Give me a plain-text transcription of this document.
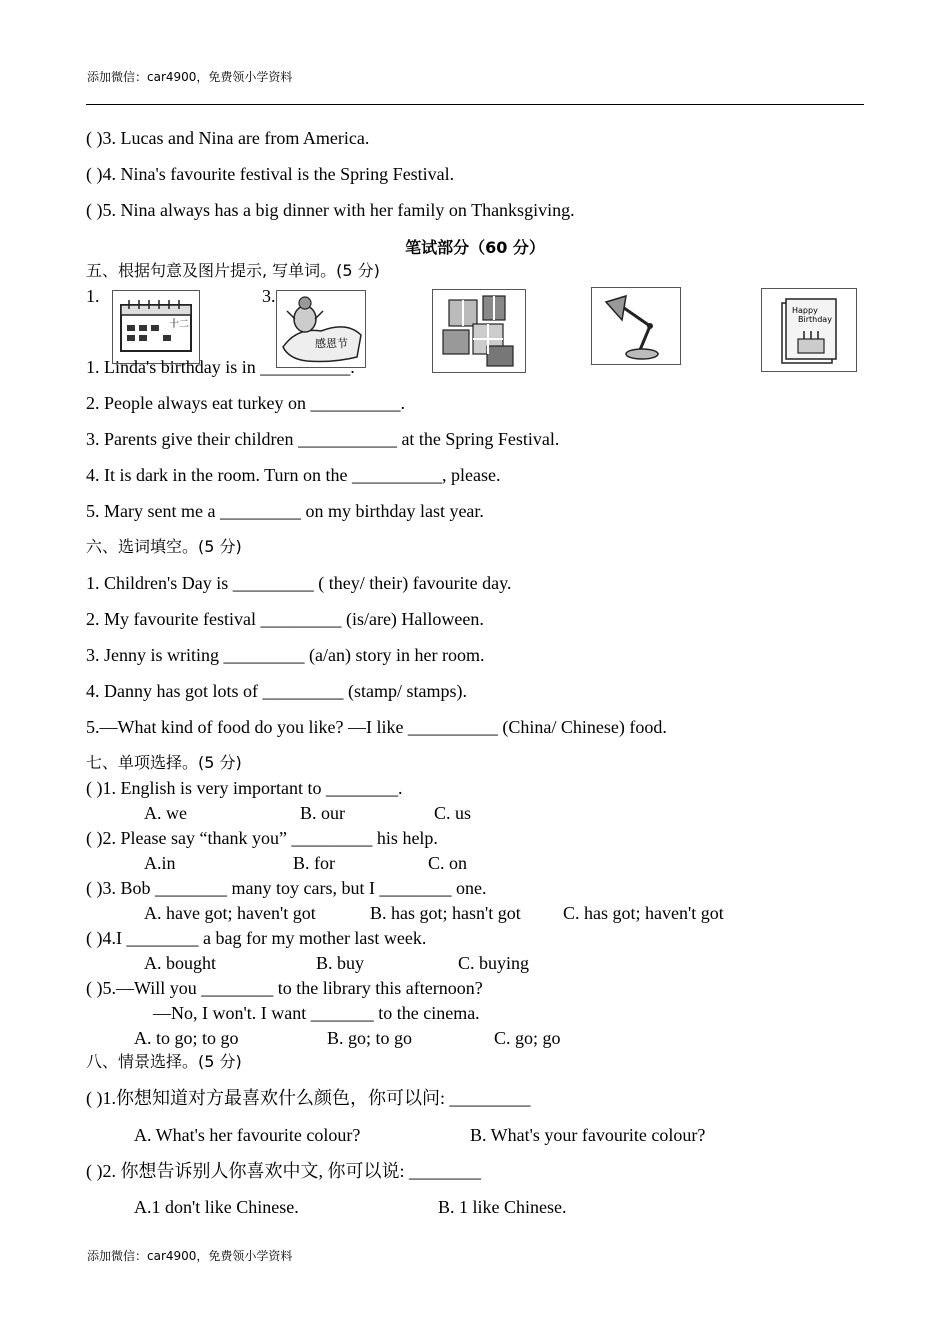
添加微信：car4900，免费领小学资料
( )3. Lucas and Nina are from America.
( )4. Nina's favourite festival is the Spring Festival.
( )5. Nina always has a big dinner with her family on Thanksgiving.
笔试部分（60 分）
五、根据句意及图片提示, 写单词。(5 分)
1.	3.
十二
感恩节
Happy
Birthday
1. Linda's birthday is in __________.
2. People always eat turkey on __________.
3. Parents give their children ___________ at the Spring Festival.
4. It is dark in the room. Turn on the __________, please.
5. Mary sent me a _________ on my birthday last year.
六、选词填空。(5 分)
1. Children's Day is _________ ( they/ their) favourite day.
2. My favourite festival _________ (is/are) Halloween.
3. Jenny is writing _________ (a/an) story in her room.
4. Danny has got lots of _________ (stamp/ stamps).
5.—What kind of food do you like? —I like __________ (China/ Chinese) food.
七、单项选择。(5 分)
( )1. English is very important to ________.
A. we	B. our	C. us
( )2. Please say “thank you” _________ his help.
A.in	B. for	C. on
( )3. Bob ________ many toy cars, but I ________ one.
A. have got; haven't got	B. has got; hasn't got C. has got; haven't got
( )4.I ________ a bag for my mother last week.
A. bought	B. buy	C. buying
( )5.—Will you ________ to the library this afternoon?
—No, I won't. I want _______ to the cinema.
A. to go; to go	B. go; to go	C. go; go
八、情景选择。(5 分)
( )1.你想知道对方最喜欢什么颜色，你可以问: _________
A. What's her favourite colour?	B. What's your favourite colour?
( )2. 你想告诉别人你喜欢中文, 你可以说: ________
A.1 don't like Chinese.	B. 1 like Chinese.
添加微信：car4900，免费领小学资料
